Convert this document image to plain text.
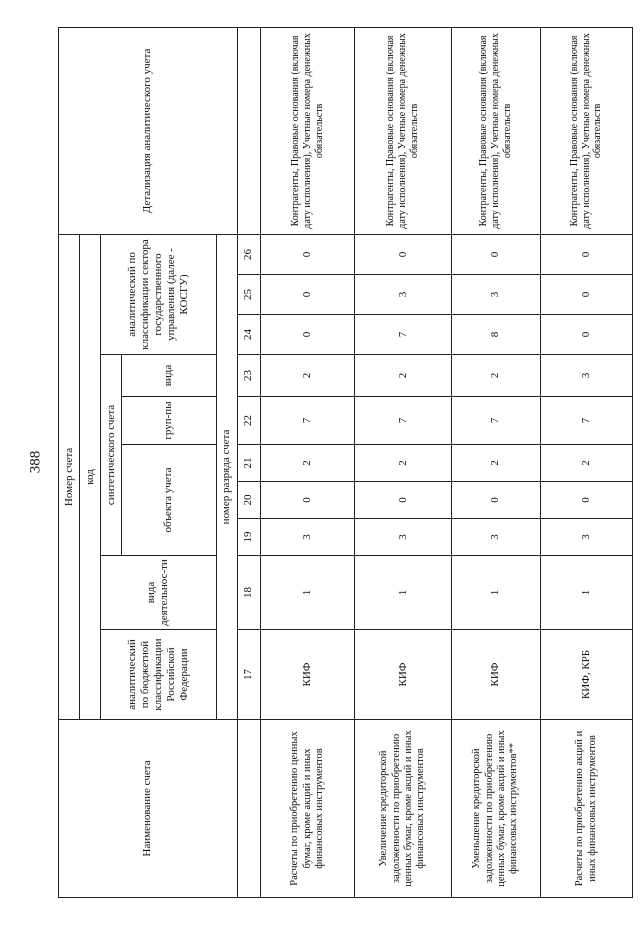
388
Наименование счета	Номер счета										Детализация аналитического учета
	код										
	аналитический по бюджетной классификации Российской Федерации	вида деятельнос-ти	синтетического счета					аналитический по классификации сектора государственного управления (далее - КОСГУ)			
			объекта учета			груп-пы	вида				
	номер разряда счета										
	17	18	19	20	21	22	23	24	25	26	
Расчеты по приобретению ценных бумаг, кроме акций и иных финансовых инструментов	КИФ	1	3	0	2	7	2	0	0	0	Контрагенты, Правовые основания (включая дату исполнения), Учетные номера денежных обязательств
Увеличение кредиторской задолженности по приобретению ценных бумаг, кроме акций и иных финансовых инструментов	КИФ	1	3	0	2	7	2	7	3	0	Контрагенты, Правовые основания (включая дату исполнения), Учетные номера денежных обязательств
Уменьшение кредиторской задолженности по приобретению ценных бумаг, кроме акций и иных финансовых инструментов**	КИФ	1	3	0	2	7	2	8	3	0	Контрагенты, Правовые основания (включая дату исполнения), Учетные номера денежных обязательств
Расчеты по приобретению акций и иных финансовых инструментов	КИФ, КРБ	1	3	0	2	7	3	0	0	0	Контрагенты, Правовые основания (включая дату исполнения), Учетные номера денежных обязательств
